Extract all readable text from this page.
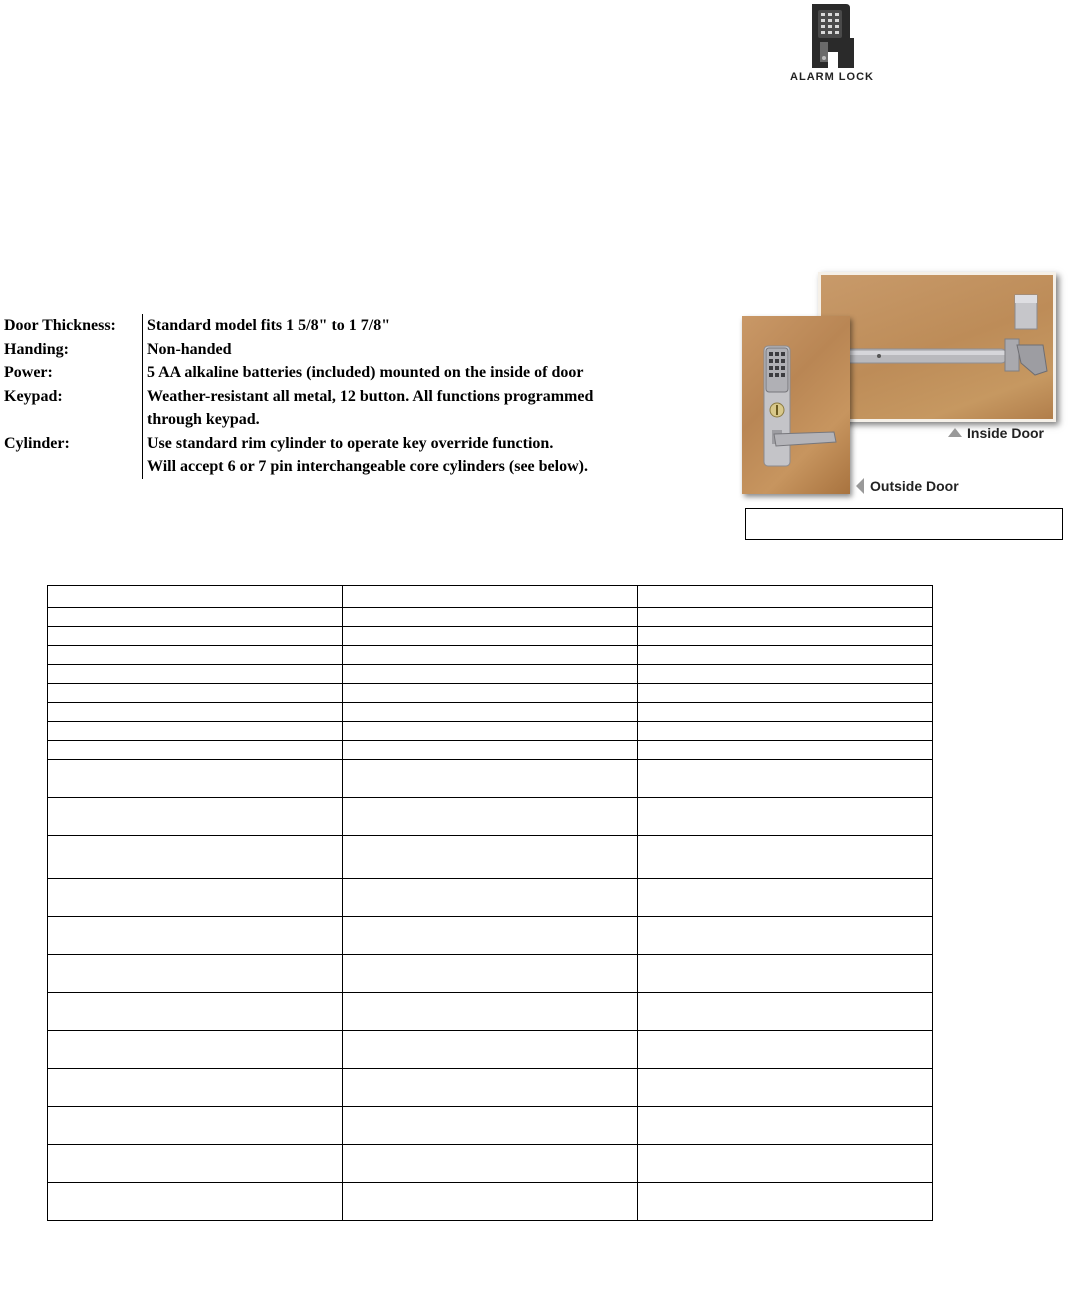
ALARM LOCK
Door Thickness:	Standard model fits 1 5/8" to 1 7/8"
Handing:	Non-handed
Power:	5 AA alkaline batteries (included) mounted on the inside of door
Keypad:	Weather-resistant all metal, 12 button. All functions programmed
through keypad.
Cylinder:	Use standard rim cylinder to operate key override function.
Will accept 6 or 7 pin interchangeable core cylinders (see below).
Inside Door
Outside Door
